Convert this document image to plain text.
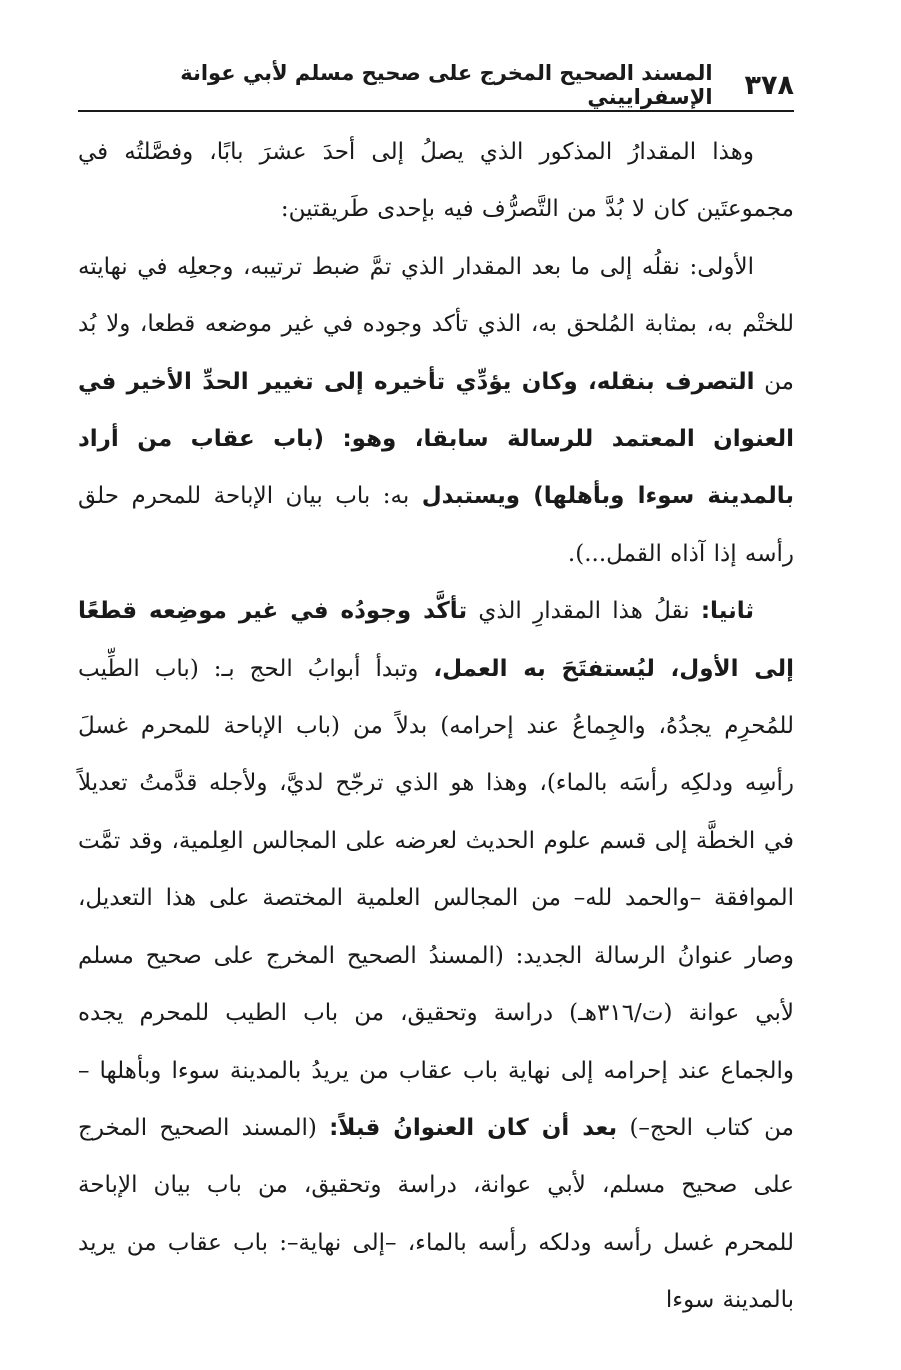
٣٧٨
المسند الصحيح المخرج على صحيح مسلم لأبي عوانة الإسفراييني

وهذا المقدارُ المذكور الذي يصلُ إلى أحدَ عشرَ بابًا، وفصَّلتُه في مجموعتَين كان لا بُدَّ من التَّصرُّف فيه بإحدى طَريقتين:

الأولى: نقلُه إلى ما بعد المقدار الذي تمَّ ضبط ترتيبه، وجعلِه في نهايته للختْم به، بمثابة المُلحق به، الذي تأكد وجوده في غير موضعه قطعا، ولا بُد من التصرف بنقله، وكان يؤدِّي تأخيره إلى تغيير الحدِّ الأخير في العنوان المعتمد للرسالة سابقا، وهو: (باب عقاب من أراد بالمدينة سوءا وبأهلها) ويستبدل به: باب بيان الإباحة للمحرم حلق رأسه إذا آذاه القمل...).

ثانيا: نقلُ هذا المقدارِ الذي تأكَّد وجودُه في غير موضِعه قطعًا إلى الأول، ليُستفتَحَ به العمل، وتبدأ أبوابُ الحج بـ: (باب الطِّيب للمُحرِم يجدُهُ، والجِماعُ عند إحرامه) بدلاً من (باب الإباحة للمحرم غسلَ رأسِه ودلكِه رأسَه بالماء)، وهذا هو الذي ترجّح لديَّ، ولأجله قدَّمتُ تعديلاً في الخطَّة إلى قسم علوم الحديث لعرضه على المجالس العِلمية، وقد تمَّت الموافقة –والحمد لله– من المجالس العلمية المختصة على هذا التعديل، وصار عنوانُ الرسالة الجديد: (المسندُ الصحيح المخرج على صحيح مسلم لأبي عوانة (ت/٣١٦هـ) دراسة وتحقيق، من باب الطيب للمحرم يجده والجماع عند إحرامه إلى نهاية باب عقاب من يريدُ بالمدينة سوءا وبأهلها –من كتاب الحج–) بعد أن كان العنوانُ قبلاً: (المسند الصحيح المخرج على صحيح مسلم، لأبي عوانة، دراسة وتحقيق، من باب بيان الإباحة للمحرم غسل رأسه ودلكه رأسه بالماء، –إلى نهاية–: باب عقاب من يريد بالمدينة سوءا
